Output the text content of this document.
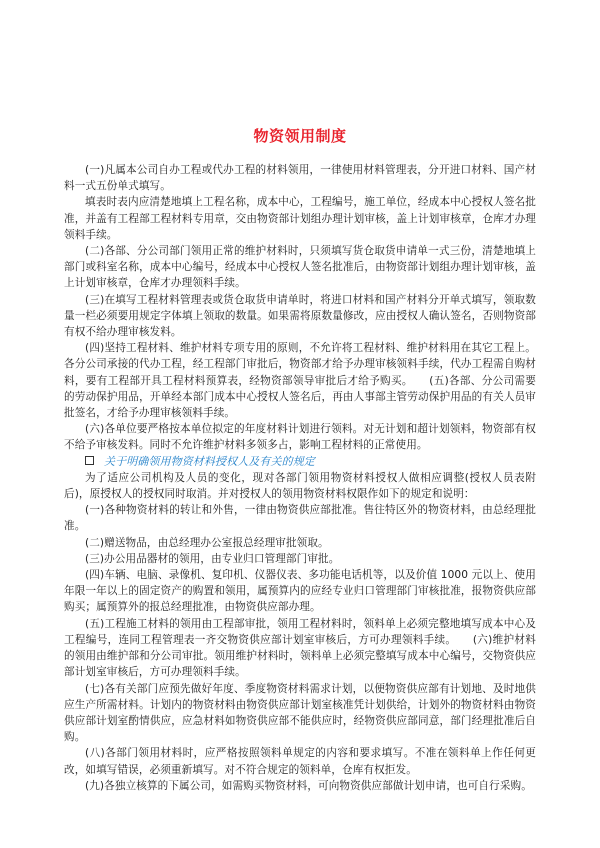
物资领用制度

(一)凡属本公司自办工程或代办工程的材料领用，一律使用材料管理表，分开进口材料、国产材料一式五份单式填写。

填表时表内应清楚地填上工程名称，成本中心，工程编号，施工单位，经成本中心授权人签名批准，并盖有工程部工程材料专用章，交由物资部计划组办理计划审核，盖上计划审核章，仓库才办理领料手续。

(二)各部、分公司部门领用正常的维护材料时，只须填写货仓取货申请单一式三份，清楚地填上部门或科室名称，成本中心编号，经成本中心授权人签名批准后，由物资部计划组办理计划审核，盖上计划审核章，仓库才办理领料手续。

(三)在填写工程材料管理表或货仓取货申请单时，将进口材料和国产材料分开单式填写，领取数量一栏必须要用规定字体填上领取的数量。如果需将原数量修改，应由授权人确认签名，否则物资部有权不给办理审核发料。

(四)坚持工程材料、维护材料专项专用的原则，不允许将工程材料、维护材料用在其它工程上。各分公司承接的代办工程，经工程部门审批后，物资部才给予办理审核领料手续，代办工程需自购材料，要有工程部开具工程材料预算表，经物资部领导审批后才给予购买。　　(五)各部、分公司需要的劳动保护用品，开单经本部门成本中心授权人签名后，再由人事部主管劳动保护用品的有关人员审批签名，才给予办理审核领料手续。

(六)各单位要严格按本单位拟定的年度材料计划进行领料。对无计划和超计划领料，物资部有权不给予审核发料。同时不允许维护材料多领多占，影响工程材料的正常使用。

关于明确领用物资材料授权人及有关的规定

为了适应公司机构及人员的变化，现对各部门领用物资材料授权人做相应调整(授权人员表附后)，原授权人的授权同时取消。并对授权人的领用物资材料权限作如下的规定和说明：

(一)各种物资材料的转让和外售，一律由物资供应部批准。售往特区外的物资材料，由总经理批准。

(二)赠送物品，由总经理办公室报总经理审批领取。

(三)办公用品器材的领用，由专业归口管理部门审批。

(四)车辆、电脑、录像机、复印机、仪器仪表、多功能电话机等，以及价值 1000 元以上、使用年限一年以上的固定资产的购置和领用，属预算内的应经专业归口管理部门审核批准，报物资供应部购买；属预算外的报总经理批准，由物资供应部办理。

(五)工程施工材料的领用由工程部审批，领用工程材料时，领料单上必须完整地填写成本中心及工程编号，连同工程管理表一齐交物资供应部计划室审核后，方可办理领料手续。　　(六)维护材料的领用由维护部和分公司审批。领用维护材料时，领料单上必须完整填写成本中心编号，交物资供应部计划室审核后，方可办理领料手续。

(七)各有关部门应预先做好年度、季度物资材料需求计划，以便物资供应部有计划地、及时地供应生产所需材料。计划内的物资材料由物资供应部计划室核准凭计划供给，计划外的物资材料由物资供应部计划室酌情供应，应急材料如物资供应部不能供应时，经物资供应部同意，部门经理批准后自购。

(八)各部门领用材料时，应严格按照领料单规定的内容和要求填写。不准在领料单上作任何更改，如填写错误，必须重新填写。对不符合规定的领料单，仓库有权拒发。

(九)各独立核算的下属公司，如需购买物资材料，可向物资供应部做计划申请，也可自行采购。
